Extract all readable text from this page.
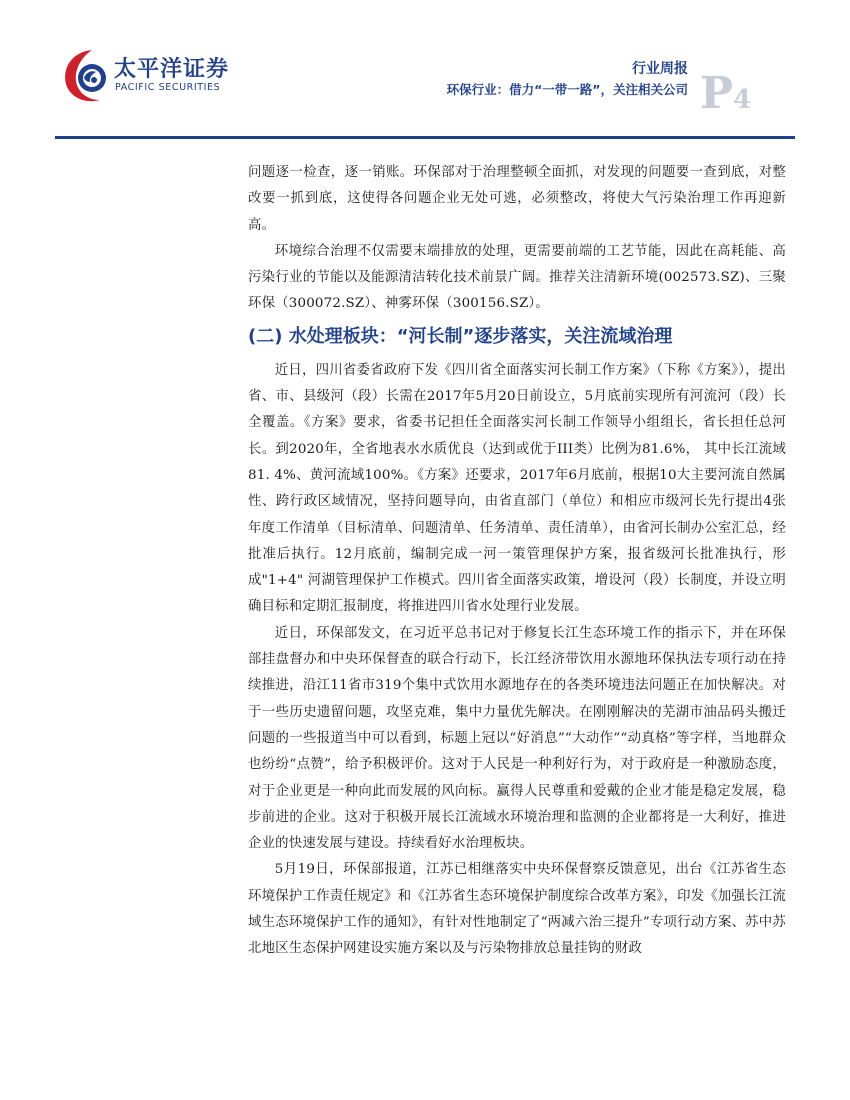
太平洋证券
PACIFIC SECURITIES
行业周报
环保行业：借力“一带一路”，关注相关公司 P4

问题逐一检查，逐一销账。环保部对于治理整顿全面抓，对发现的问题要一查到底，对整改要一抓到底，这使得各问题企业无处可逃，必须整改，将使大气污染治理工作再迎新高。

环境综合治理不仅需要末端排放的处理，更需要前端的工艺节能，因此在高耗能、高污染行业的节能以及能源清洁转化技术前景广阔。推荐关注清新环境(002573.SZ)、三聚环保（300072.SZ）、神雾环保（300156.SZ）。

(二) 水处理板块：“河长制”逐步落实，关注流域治理

近日，四川省委省政府下发《四川省全面落实河长制工作方案》（下称《方案》），提出省、市、县级河（段）长需在2017年5月20日前设立，5月底前实现所有河流河（段）长全覆盖。《方案》要求，省委书记担任全面落实河长制工作领导小组组长，省长担任总河长。到2020年，全省地表水水质优良（达到或优于III类）比例为81.6%， 其中长江流域81. 4%、黄河流域100%。《方案》还要求，2017年6月底前，根据10大主要河流自然属性、跨行政区域情况，坚持问题导向，由省直部门（单位）和相应市级河长先行提出4张年度工作清单（目标清单、问题清单、任务清单、责任清单），由省河长制办公室汇总，经批准后执行。12月底前，编制完成一河一策管理保护方案，报省级河长批准执行，形成"1+4" 河湖管理保护工作模式。四川省全面落实政策，增设河（段）长制度，并设立明确目标和定期汇报制度，将推进四川省水处理行业发展。

近日，环保部发文，在习近平总书记对于修复长江生态环境工作的指示下，并在环保部挂盘督办和中央环保督查的联合行动下，长江经济带饮用水源地环保执法专项行动在持续推进，沿江11省市319个集中式饮用水源地存在的各类环境违法问题正在加快解决。对于一些历史遗留问题，攻坚克难，集中力量优先解决。在刚刚解决的芜湖市油品码头搬迁问题的一些报道当中可以看到，标题上冠以“好消息”“大动作”“动真格”等字样，当地群众也纷纷“点赞”，给予积极评价。这对于人民是一种利好行为，对于政府是一种激励态度，对于企业更是一种向此而发展的风向标。赢得人民尊重和爱戴的企业才能是稳定发展，稳步前进的企业。这对于积极开展长江流域水环境治理和监测的企业都将是一大利好，推进企业的快速发展与建设。持续看好水治理板块。

5月19日，环保部报道，江苏已相继落实中央环保督察反馈意见，出台《江苏省生态环境保护工作责任规定》和《江苏省生态环境保护制度综合改革方案》，印发《加强长江流域生态环境保护工作的通知》，有针对性地制定了“两减六治三提升”专项行动方案、苏中苏北地区生态保护网建设实施方案以及与污染物排放总量挂钩的财政
